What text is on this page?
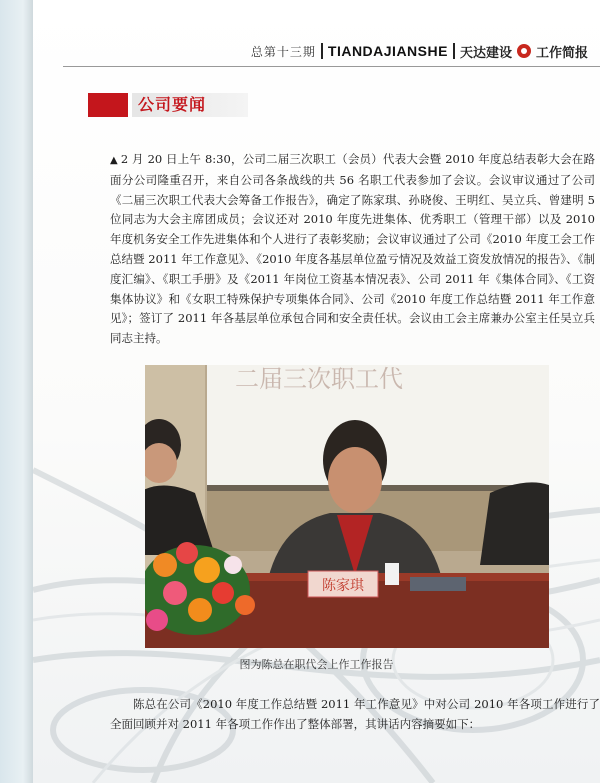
总第十三期 TIANDAJIANSHE 天达建设 工作简报
公司要闻
▲ 2 月 20 日上午 8:30，公司二届三次职工（会员）代表大会暨 2010 年度总结表彰大会在路面分公司隆重召开，来自公司各条战线的共 56 名职工代表参加了会议。会议审议通过了公司《二届三次职工代表大会筹备工作报告》，确定了陈家琪、孙晓俊、王明红、吴立兵、曾建明 5 位同志为大会主席团成员；会议还对 2010 年度先进集体、优秀职工（管理干部）以及 2010 年度机务安全工作先进集体和个人进行了表彰奖励；会议审议通过了公司《2010 年度工会工作总结暨 2011 年工作意见》、《2010 年度各基层单位盈亏情况及效益工资发放情况的报告》、《制度汇编》、《职工手册》及《2011 年岗位工资基本情况表》、公司 2011 年《集体合同》、《工资集体协议》和《女职工特殊保护专项集体合同》、公司《2010 年度工作总结暨 2011 年工作意见》；签订了 2011 年各基层单位承包合同和安全责任状。会议由工会主席兼办公室主任吴立兵同志主持。
二届三次职工代
陈家琪
图为陈总在职代会上作工作报告
陈总在公司《2010 年度工作总结暨 2011 年工作意见》中对公司 2010 年各项工作进行了全面回顾并对 2011 年各项工作作出了整体部署，其讲话内容摘要如下：
